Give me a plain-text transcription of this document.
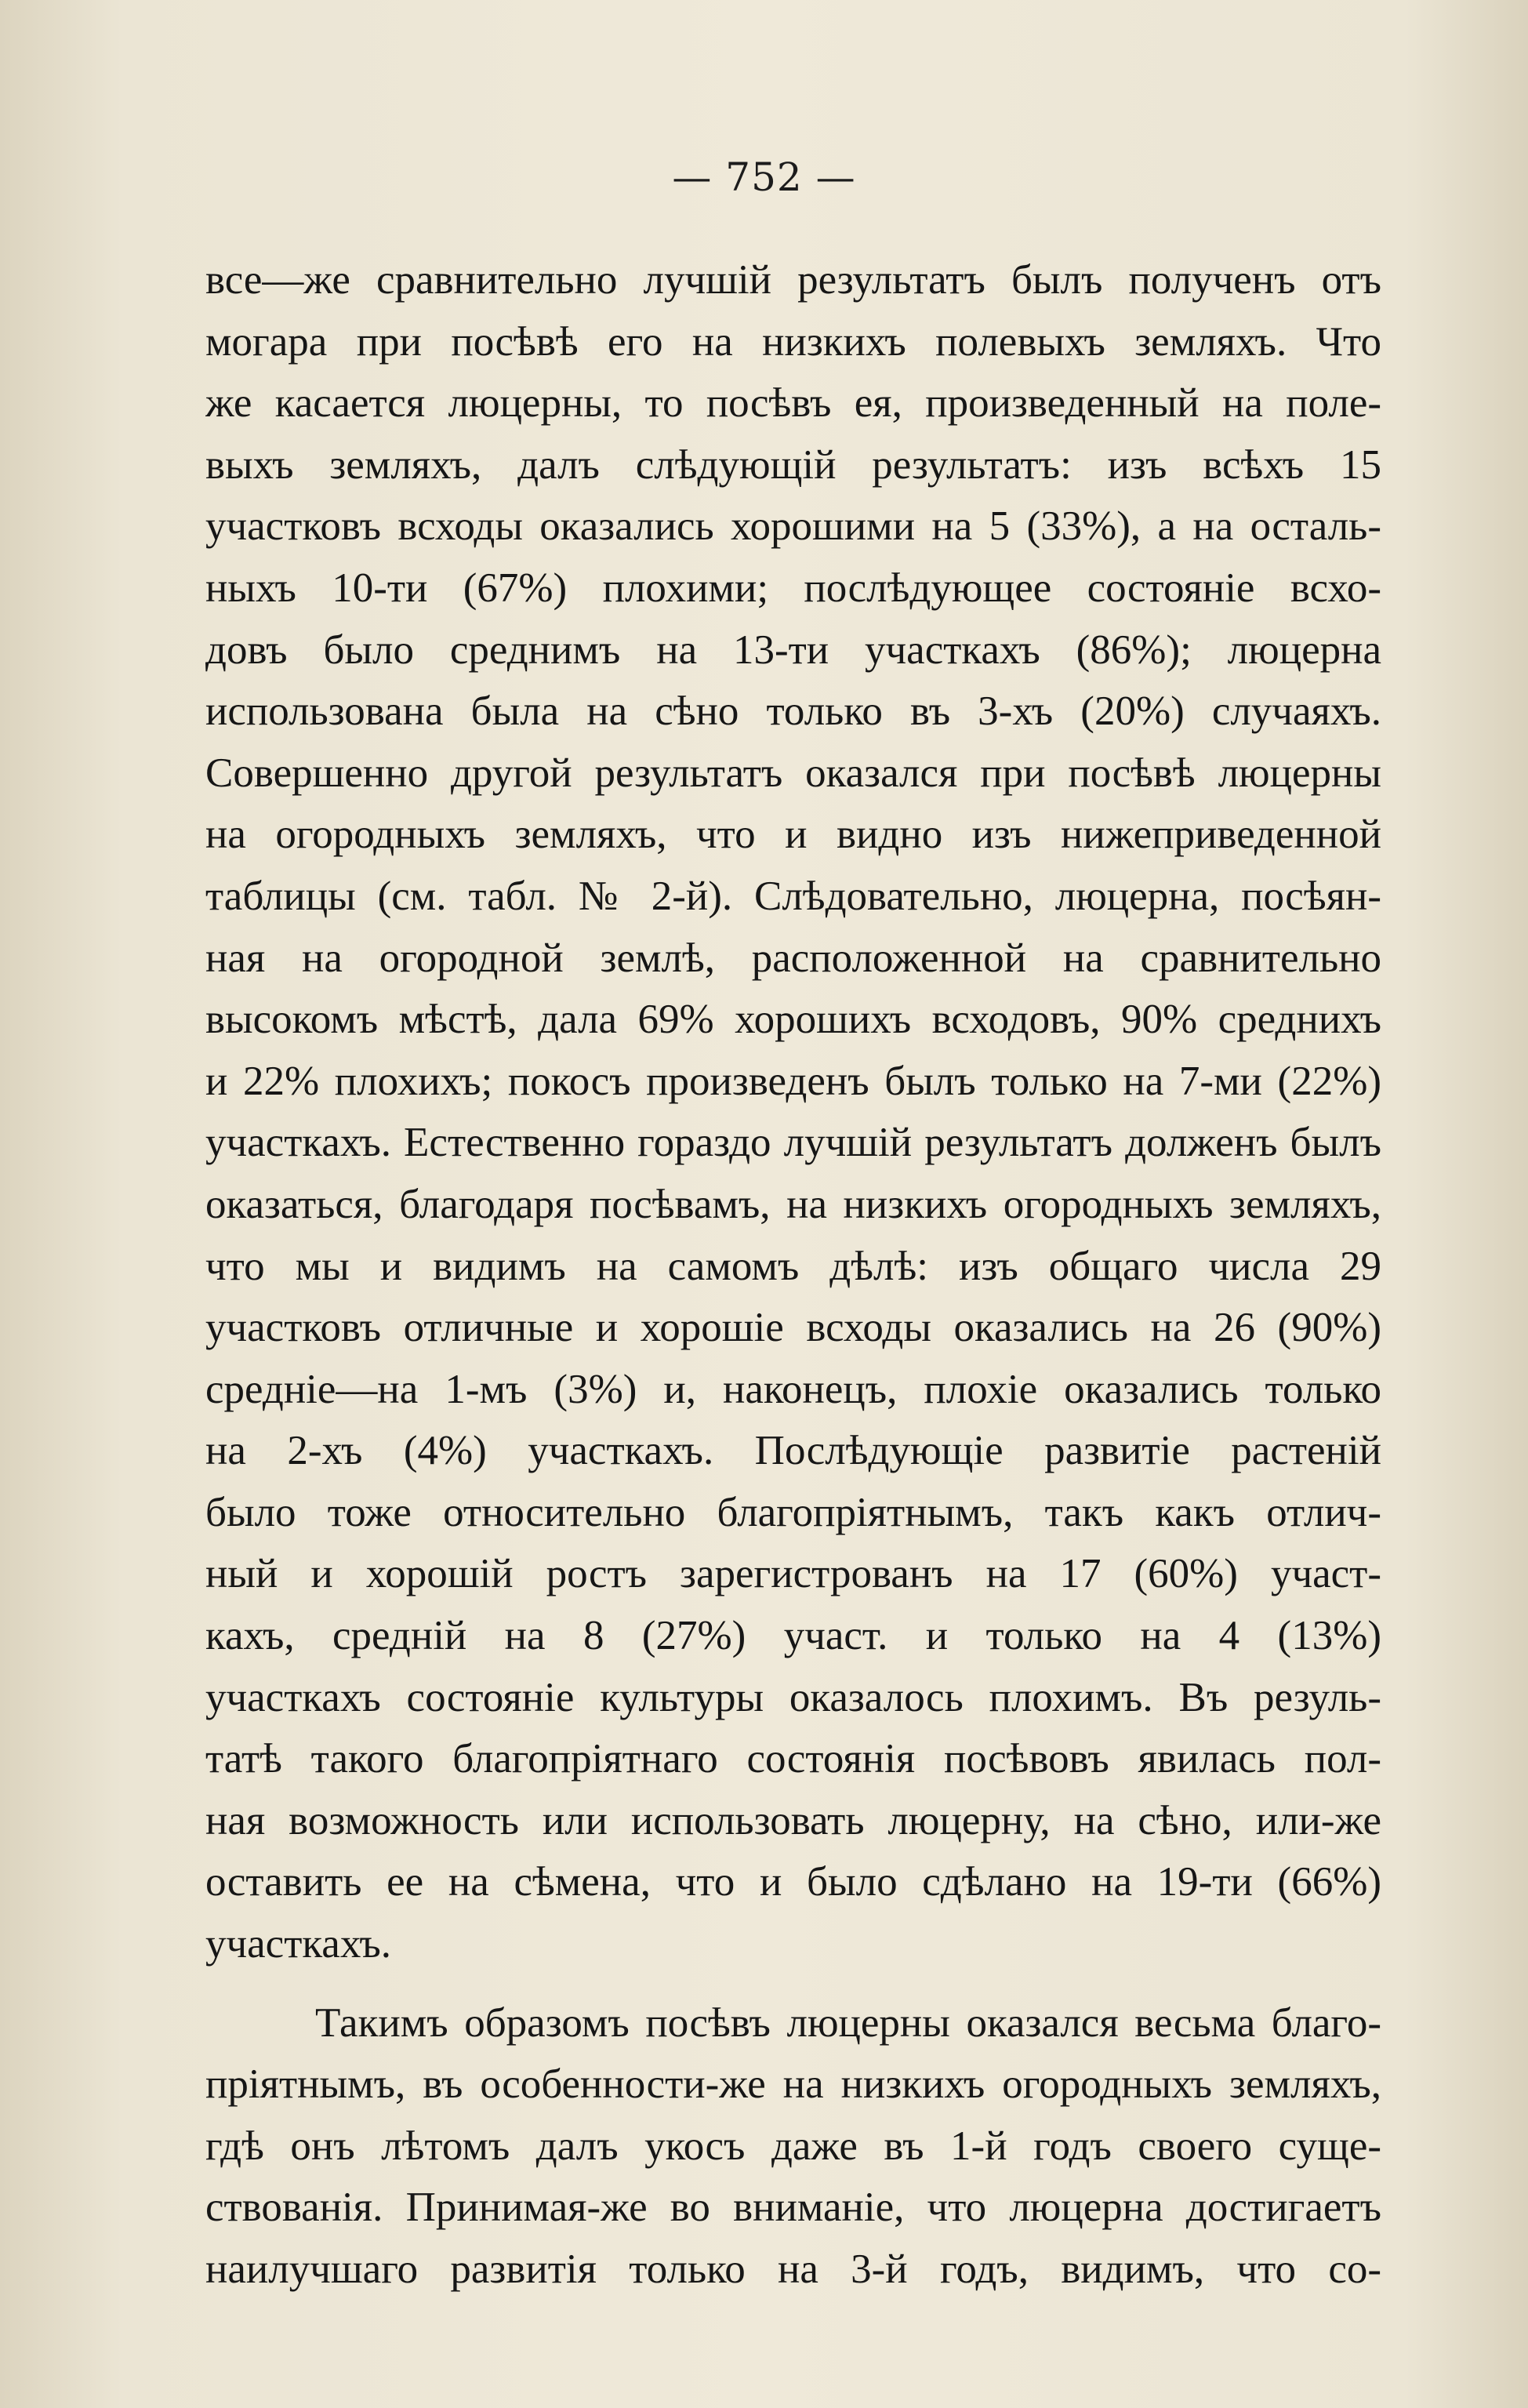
— 752 —
все—же сравнительно лучшій результатъ былъ полученъ отъ
могара при посѣвѣ его на низкихъ полевыхъ земляхъ. Что
же касается люцерны, то посѣвъ ея, произведенный на поле-
выхъ земляхъ, далъ слѣдующій результатъ: изъ всѣхъ 15
участковъ всходы оказались хорошими на 5 (33%), а на осталь-
ныхъ 10-ти (67%) плохими; послѣдующее состояніе всхо-
довъ было среднимъ на 13-ти участкахъ (86%); люцерна
использована была на сѣно только въ 3-хъ (20%) случаяхъ.
Совершенно другой результатъ оказался при посѣвѣ люцерны
на огородныхъ земляхъ, что и видно изъ нижеприведенной
таблицы (см. табл. № 2-й). Слѣдовательно, люцерна, посѣян-
ная на огородной землѣ, расположенной на сравнительно
высокомъ мѣстѣ, дала 69% хорошихъ всходовъ, 90% среднихъ
и 22% плохихъ; покосъ произведенъ былъ только на 7-ми (22%)
участкахъ. Естественно гораздо лучшій результатъ долженъ былъ
оказаться, благодаря посѣвамъ, на низкихъ огородныхъ земляхъ,
что мы и видимъ на самомъ дѣлѣ: изъ общаго числа 29
участковъ отличные и хорошіе всходы оказались на 26 (90%)
средніе—на 1-мъ (3%) и, наконецъ, плохіе оказались только
на 2-хъ (4%) участкахъ. Послѣдующіе развитіе растеній
было тоже относительно благопріятнымъ, такъ какъ отлич-
ный и хорошій ростъ зарегистрованъ на 17 (60%) участ-
кахъ, средній на 8 (27%) участ. и только на 4 (13%)
участкахъ состояніе культуры оказалось плохимъ. Въ резуль-
татѣ такого благопріятнаго состоянія посѣвовъ явилась пол-
ная возможность или использовать люцерну, на сѣно, или-же
оставить ее на сѣмена, что и было сдѣлано на 19-ти (66%)
участкахъ.
Такимъ образомъ посѣвъ люцерны оказался весьма благо-
пріятнымъ, въ особенности-же на низкихъ огородныхъ земляхъ,
гдѣ онъ лѣтомъ далъ укосъ даже въ 1-й годъ своего суще-
ствованія. Принимая-же во вниманіе, что люцерна достигаетъ
наилучшаго развитія только на 3-й годъ, видимъ, что со-
